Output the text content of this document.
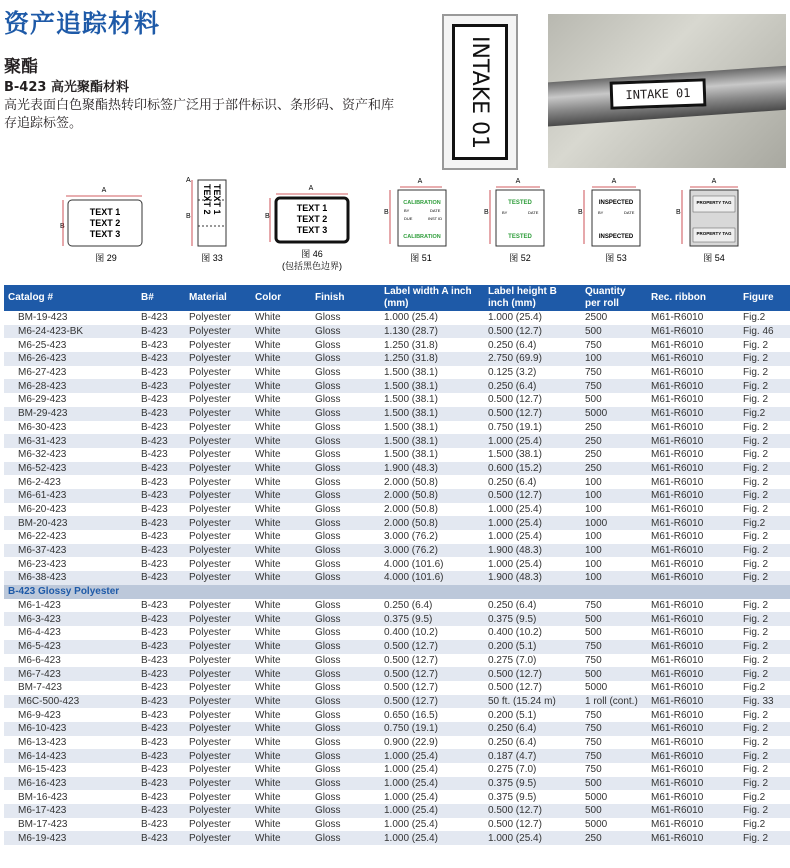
资产追踪材料
聚酯
B-423 高光聚酯材料
高光表面白色聚酯热转印标签广泛用于部件标识、条形码、资产和库存追踪标签。	INTAKE 01	INTAKE 01
A
B
TEXT 1
TEXT 2
TEXT 3
图 29
A
B
TEXT 1
TEXT 2
图 33
A
B
TEXT 1
TEXT 2
TEXT 3
图 46
(包括黑色边界)
A
B
CALIBRATION
BY	DATE
DUE	INST ID
CALIBRATION
图 51
A
B
TESTED
BY	DATE
TESTED
图 52
A
B
INSPECTED
BY	DATE
INSPECTED
图 53
A
B
PROPERTY TAG
PROPERTY TAG
图 54
Catalog #	B#	Material	Color	Finish	Label width A inch (mm)	Label height B inch (mm)	Quantity per roll	Rec. ribbon	Figure
BM-19-423	B-423	Polyester	White	Gloss	1.000 (25.4)	1.000 (25.4)	2500	M61-R6010	Fig.2
M6-24-423-BK	B-423	Polyester	White	Gloss	1.130 (28.7)	0.500 (12.7)	500	M61-R6010	Fig. 46
M6-25-423	B-423	Polyester	White	Gloss	1.250 (31.8)	0.250 (6.4)	750	M61-R6010	Fig. 2
M6-26-423	B-423	Polyester	White	Gloss	1.250 (31.8)	2.750 (69.9)	100	M61-R6010	Fig. 2
M6-27-423	B-423	Polyester	White	Gloss	1.500 (38.1)	0.125 (3.2)	750	M61-R6010	Fig. 2
M6-28-423	B-423	Polyester	White	Gloss	1.500 (38.1)	0.250 (6.4)	750	M61-R6010	Fig. 2
M6-29-423	B-423	Polyester	White	Gloss	1.500 (38.1)	0.500 (12.7)	500	M61-R6010	Fig. 2
BM-29-423	B-423	Polyester	White	Gloss	1.500 (38.1)	0.500 (12.7)	5000	M61-R6010	Fig.2
M6-30-423	B-423	Polyester	White	Gloss	1.500 (38.1)	0.750 (19.1)	250	M61-R6010	Fig. 2
M6-31-423	B-423	Polyester	White	Gloss	1.500 (38.1)	1.000 (25.4)	250	M61-R6010	Fig. 2
M6-32-423	B-423	Polyester	White	Gloss	1.500 (38.1)	1.500 (38.1)	250	M61-R6010	Fig. 2
M6-52-423	B-423	Polyester	White	Gloss	1.900 (48.3)	0.600 (15.2)	250	M61-R6010	Fig. 2
M6-2-423	B-423	Polyester	White	Gloss	2.000 (50.8)	0.250 (6.4)	100	M61-R6010	Fig. 2
M6-61-423	B-423	Polyester	White	Gloss	2.000 (50.8)	0.500 (12.7)	100	M61-R6010	Fig. 2
M6-20-423	B-423	Polyester	White	Gloss	2.000 (50.8)	1.000 (25.4)	100	M61-R6010	Fig. 2
BM-20-423	B-423	Polyester	White	Gloss	2.000 (50.8)	1.000 (25.4)	1000	M61-R6010	Fig.2
M6-22-423	B-423	Polyester	White	Gloss	3.000 (76.2)	1.000 (25.4)	100	M61-R6010	Fig. 2
M6-37-423	B-423	Polyester	White	Gloss	3.000 (76.2)	1.900 (48.3)	100	M61-R6010	Fig. 2
M6-23-423	B-423	Polyester	White	Gloss	4.000 (101.6)	1.000 (25.4)	100	M61-R6010	Fig. 2
M6-38-423	B-423	Polyester	White	Gloss	4.000 (101.6)	1.900 (48.3)	100	M61-R6010	Fig. 2
B-423 Glossy Polyester									
M6-1-423	B-423	Polyester	White	Gloss	0.250 (6.4)	0.250 (6.4)	750	M61-R6010	Fig. 2
M6-3-423	B-423	Polyester	White	Gloss	0.375 (9.5)	0.375 (9.5)	500	M61-R6010	Fig. 2
M6-4-423	B-423	Polyester	White	Gloss	0.400 (10.2)	0.400 (10.2)	500	M61-R6010	Fig. 2
M6-5-423	B-423	Polyester	White	Gloss	0.500 (12.7)	0.200 (5.1)	750	M61-R6010	Fig. 2
M6-6-423	B-423	Polyester	White	Gloss	0.500 (12.7)	0.275 (7.0)	750	M61-R6010	Fig. 2
M6-7-423	B-423	Polyester	White	Gloss	0.500 (12.7)	0.500 (12.7)	500	M61-R6010	Fig. 2
BM-7-423	B-423	Polyester	White	Gloss	0.500 (12.7)	0.500 (12.7)	5000	M61-R6010	Fig.2
M6C-500-423	B-423	Polyester	White	Gloss	0.500 (12.7)	50 ft. (15.24 m)	1 roll (cont.)	M61-R6010	Fig. 33
M6-9-423	B-423	Polyester	White	Gloss	0.650 (16.5)	0.200 (5.1)	750	M61-R6010	Fig. 2
M6-10-423	B-423	Polyester	White	Gloss	0.750 (19.1)	0.250 (6.4)	750	M61-R6010	Fig. 2
M6-13-423	B-423	Polyester	White	Gloss	0.900 (22.9)	0.250 (6.4)	750	M61-R6010	Fig. 2
M6-14-423	B-423	Polyester	White	Gloss	1.000 (25.4)	0.187 (4.7)	750	M61-R6010	Fig. 2
M6-15-423	B-423	Polyester	White	Gloss	1.000 (25.4)	0.275 (7.0)	750	M61-R6010	Fig. 2
M6-16-423	B-423	Polyester	White	Gloss	1.000 (25.4)	0.375 (9.5)	500	M61-R6010	Fig. 2
BM-16-423	B-423	Polyester	White	Gloss	1.000 (25.4)	0.375 (9.5)	5000	M61-R6010	Fig.2
M6-17-423	B-423	Polyester	White	Gloss	1.000 (25.4)	0.500 (12.7)	500	M61-R6010	Fig. 2
BM-17-423	B-423	Polyester	White	Gloss	1.000 (25.4)	0.500 (12.7)	5000	M61-R6010	Fig.2
M6-19-423	B-423	Polyester	White	Gloss	1.000 (25.4)	1.000 (25.4)	250	M61-R6010	Fig. 2
